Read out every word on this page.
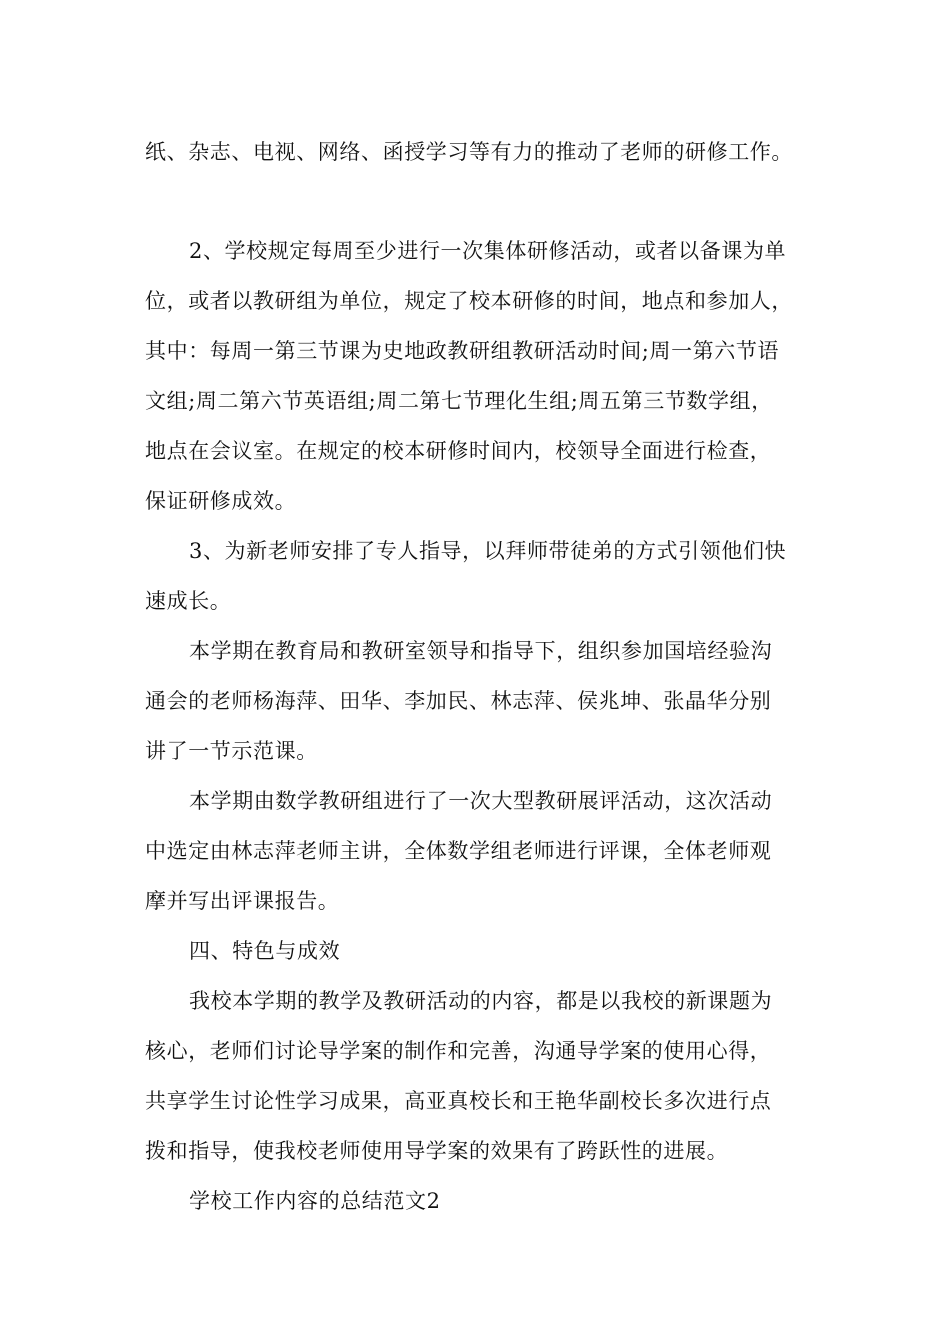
纸、杂志、电视、网络、函授学习等有力的推动了老师的研修工作。
2、学校规定每周至少进行一次集体研修活动，或者以备课为单
位，或者以教研组为单位，规定了校本研修的时间，地点和参加人，
其中：每周一第三节课为史地政教研组教研活动时间;周一第六节语
文组;周二第六节英语组;周二第七节理化生组;周五第三节数学组，
地点在会议室。在规定的校本研修时间内，校领导全面进行检查，
保证研修成效。
3、为新老师安排了专人指导，以拜师带徒弟的方式引领他们快
速成长。
本学期在教育局和教研室领导和指导下，组织参加国培经验沟
通会的老师杨海萍、田华、李加民、林志萍、侯兆坤、张晶华分别
讲了一节示范课。
本学期由数学教研组进行了一次大型教研展评活动，这次活动
中选定由林志萍老师主讲，全体数学组老师进行评课，全体老师观
摩并写出评课报告。
四、特色与成效
我校本学期的教学及教研活动的内容，都是以我校的新课题为
核心，老师们讨论导学案的制作和完善，沟通导学案的使用心得，
共享学生讨论性学习成果，高亚真校长和王艳华副校长多次进行点
拨和指导，使我校老师使用导学案的效果有了跨跃性的进展。
学校工作内容的总结范文2
